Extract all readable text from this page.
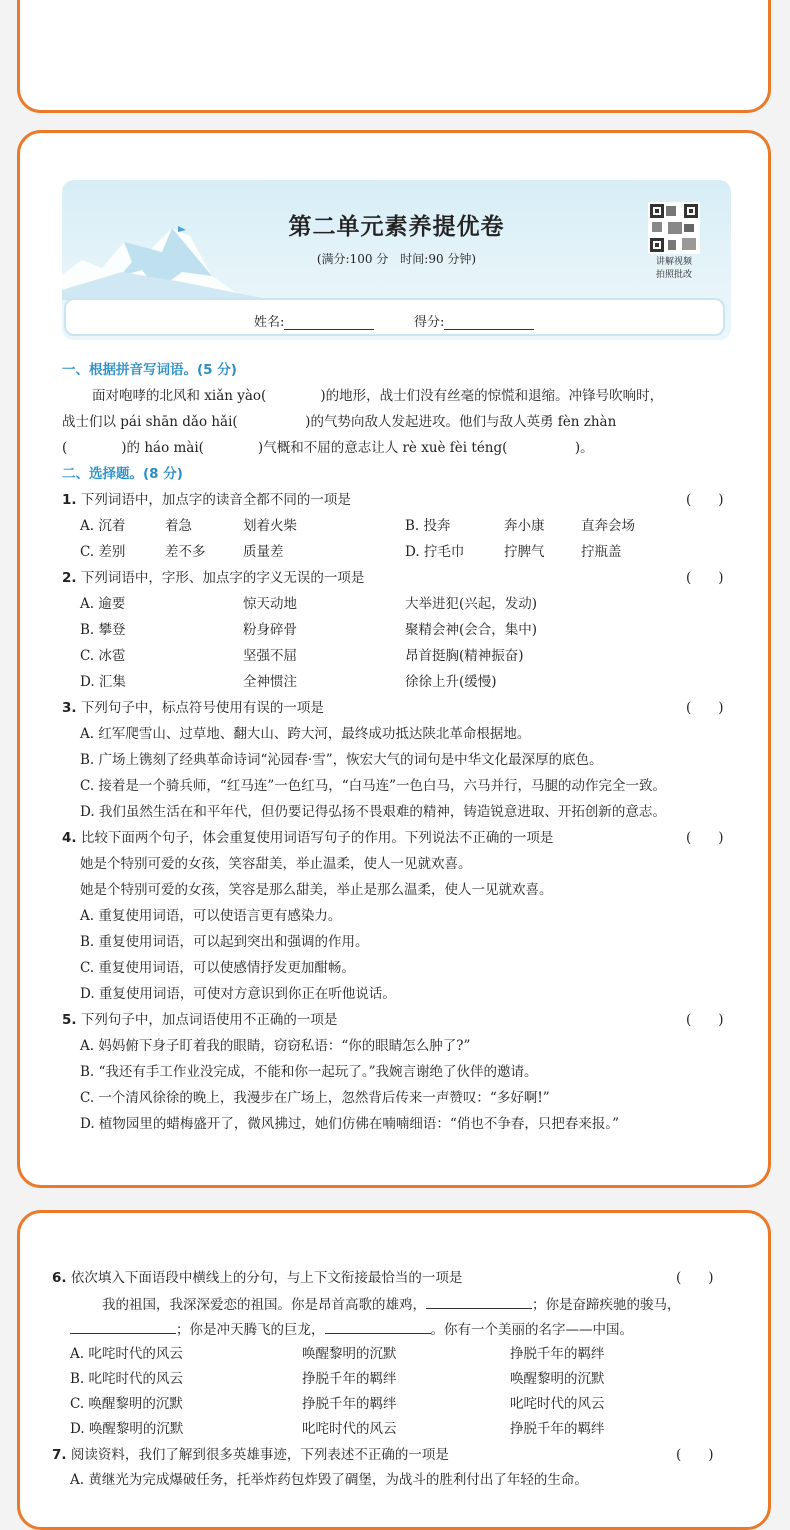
第二单元素养提优卷
(满分:100 分　时间:90 分钟)	讲解视频
拍照批改
姓名:	得分:
一、根据拼音写词语。(5 分)
面对咆哮的北风和 xiǎn yào(　　　　)的地形，战士们没有丝毫的惊慌和退缩。冲锋号吹响时，
战士们以 pái shān dǎo hǎi(　　　　　)的气势向敌人发起进攻。他们与敌人英勇 fèn zhàn
(　　　　)的 háo mài(　　　　)气概和不屈的意志让人 rè xuè fèi téng(　　　　　)。
二、选择题。(8 分)
1. 下列词语中，加点字的读音全都不同的一项是	(　　)
A. 沉着	着急	划着火柴	B. 投奔	奔小康	直奔会场
C. 差别	差不多	质量差	D. 拧毛巾	拧脾气	拧瓶盖
2. 下列词语中，字形、加点字的字义无误的一项是	(　　)
A. 逾要	惊天动地	大举进犯(兴起，发动)
B. 攀登	粉身碎骨	聚精会神(会合，集中)
C. 冰雹	坚强不屈	昂首挺胸(精神振奋)
D. 汇集	全神惯注	徐徐上升(缓慢)
3. 下列句子中，标点符号使用有误的一项是	(　　)
A. 红军爬雪山、过草地、翻大山、跨大河，最终成功抵达陕北革命根据地。
B. 广场上镌刻了经典革命诗词“沁园春·雪”，恢宏大气的词句是中华文化最深厚的底色。
C. 接着是一个骑兵师，“红马连”一色红马，“白马连”一色白马，六马并行，马腿的动作完全一致。
D. 我们虽然生活在和平年代，但仍要记得弘扬不畏艰难的精神，铸造锐意进取、开拓创新的意志。
4. 比较下面两个句子，体会重复使用词语写句子的作用。下列说法不正确的一项是	(　　)
她是个特别可爱的女孩，笑容甜美，举止温柔，使人一见就欢喜。
她是个特别可爱的女孩，笑容是那么甜美，举止是那么温柔，使人一见就欢喜。
A. 重复使用词语，可以使语言更有感染力。
B. 重复使用词语，可以起到突出和强调的作用。
C. 重复使用词语，可以使感情抒发更加酣畅。
D. 重复使用词语，可使对方意识到你正在听他说话。
5. 下列句子中，加点词语使用不正确的一项是	(　　)
A. 妈妈俯下身子盯着我的眼睛，窃窃私语：“你的眼睛怎么肿了?”
B. “我还有手工作业没完成，不能和你一起玩了。”我婉言谢绝了伙伴的邀请。
C. 一个清风徐徐的晚上，我漫步在广场上，忽然背后传来一声赞叹：“多好啊!”
D. 植物园里的蜡梅盛开了，微风拂过，她们仿佛在喃喃细语：“俏也不争春，只把春来报。”
6. 依次填入下面语段中横线上的分句，与上下文衔接最恰当的一项是	(　　)
我的祖国，我深深爱恋的祖国。你是昂首高歌的雄鸡，	；你是奋蹄疾驰的骏马，
；你是冲天腾飞的巨龙，	。你有一个美丽的名字——中国。
A. 叱咤时代的风云	唤醒黎明的沉默	挣脱千年的羁绊
B. 叱咤时代的风云	挣脱千年的羁绊	唤醒黎明的沉默
C. 唤醒黎明的沉默	挣脱千年的羁绊	叱咤时代的风云
D. 唤醒黎明的沉默	叱咤时代的风云	挣脱千年的羁绊
7. 阅读资料，我们了解到很多英雄事迹，下列表述不正确的一项是	(　　)
A. 黄继光为完成爆破任务，托举炸药包炸毁了碉堡，为战斗的胜利付出了年轻的生命。
